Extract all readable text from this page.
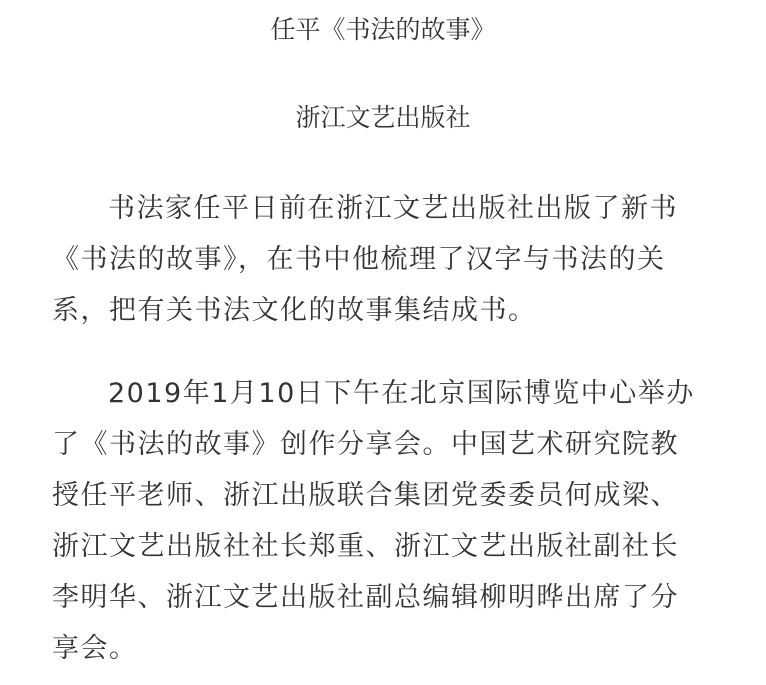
任平《书法的故事》
浙江文艺出版社
书法家任平日前在浙江文艺出版社出版了新书
《书法的故事》，在书中他梳理了汉字与书法的关
系，把有关书法文化的故事集结成书。
2019年1月10日下午在北京国际博览中心举办
了《书法的故事》创作分享会。中国艺术研究院教
授任平老师、浙江出版联合集团党委委员何成梁、
浙江文艺出版社社长郑重、浙江文艺出版社副社长
李明华、浙江文艺出版社副总编辑柳明晔出席了分
享会。
